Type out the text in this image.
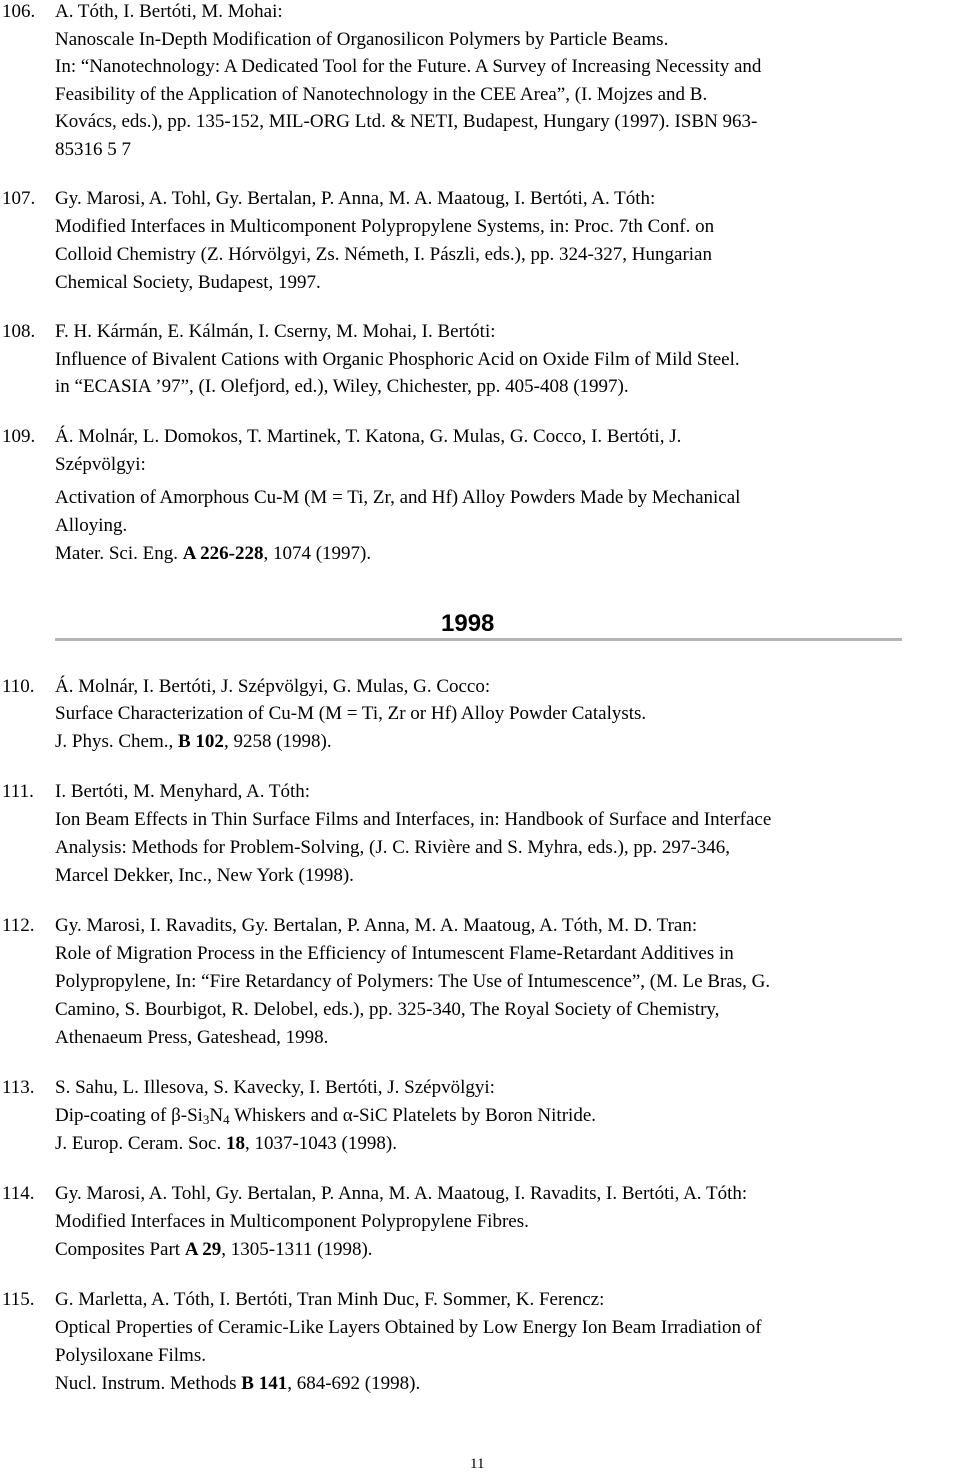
106. A. Tóth, I. Bertóti, M. Mohai:
Nanoscale In-Depth Modification of Organosilicon Polymers by Particle Beams.
In: “Nanotechnology: A Dedicated Tool for the Future. A Survey of Increasing Necessity and
Feasibility of the Application of Nanotechnology in the CEE Area”, (I. Mojzes and B.
Kovács, eds.), pp. 135-152, MIL-ORG Ltd. & NETI, Budapest, Hungary (1997). ISBN 963-
85316 5 7
107. Gy. Marosi, A. Tohl, Gy. Bertalan, P. Anna, M. A. Maatoug, I. Bertóti, A. Tóth:
Modified Interfaces in Multicomponent Polypropylene Systems, in: Proc. 7th Conf. on
Colloid Chemistry (Z. Hórvölgyi, Zs. Németh, I. Pászli, eds.), pp. 324-327, Hungarian
Chemical Society, Budapest, 1997.
108. F. H. Kármán, E. Kálmán, I. Cserny, M. Mohai, I. Bertóti:
Influence of Bivalent Cations with Organic Phosphoric Acid on Oxide Film of Mild Steel.
in “ECASIA ’97”, (I. Olefjord, ed.), Wiley, Chichester, pp. 405-408 (1997).
109. Á. Molnár, L. Domokos, T. Martinek, T. Katona, G. Mulas, G. Cocco, I. Bertóti, J.
Szépvölgyi:
Activation of Amorphous Cu-M (M = Ti, Zr, and Hf) Alloy Powders Made by Mechanical
Alloying.
Mater. Sci. Eng. A 226-228, 1074 (1997).
1998
110. Á. Molnár, I. Bertóti, J. Szépvölgyi, G. Mulas, G. Cocco:
Surface Characterization of Cu-M (M = Ti, Zr or Hf) Alloy Powder Catalysts.
J. Phys. Chem., B 102, 9258 (1998).
111. I. Bertóti, M. Menyhard, A. Tóth:
Ion Beam Effects in Thin Surface Films and Interfaces, in: Handbook of Surface and Interface
Analysis: Methods for Problem-Solving, (J. C. Rivière and S. Myhra, eds.), pp. 297-346,
Marcel Dekker, Inc., New York (1998).
112. Gy. Marosi, I. Ravadits, Gy. Bertalan, P. Anna, M. A. Maatoug, A. Tóth, M. D. Tran:
Role of Migration Process in the Efficiency of Intumescent Flame-Retardant Additives in
Polypropylene, In: “Fire Retardancy of Polymers: The Use of Intumescence”, (M. Le Bras, G.
Camino, S. Bourbigot, R. Delobel, eds.), pp. 325-340, The Royal Society of Chemistry,
Athenaeum Press, Gateshead, 1998.
113. S. Sahu, L. Illesova, S. Kavecky, I. Bertóti, J. Szépvölgyi:
Dip-coating of $\beta-Si_3N_4$ Whiskers and α-SiC Platelets by Boron Nitride.
J. Europ. Ceram. Soc. 18, 1037-1043 (1998).
114. Gy. Marosi, A. Tohl, Gy. Bertalan, P. Anna, M. A. Maatoug, I. Ravadits, I. Bertóti, A. Tóth:
Modified Interfaces in Multicomponent Polypropylene Fibres.
Composites Part A 29, 1305-1311 (1998).
115. G. Marletta, A. Tóth, I. Bertóti, Tran Minh Duc, F. Sommer, K. Ferencz:
Optical Properties of Ceramic-Like Layers Obtained by Low Energy Ion Beam Irradiation of
Polysiloxane Films.
Nucl. Instrum. Methods B 141, 684-692 (1998).
11
